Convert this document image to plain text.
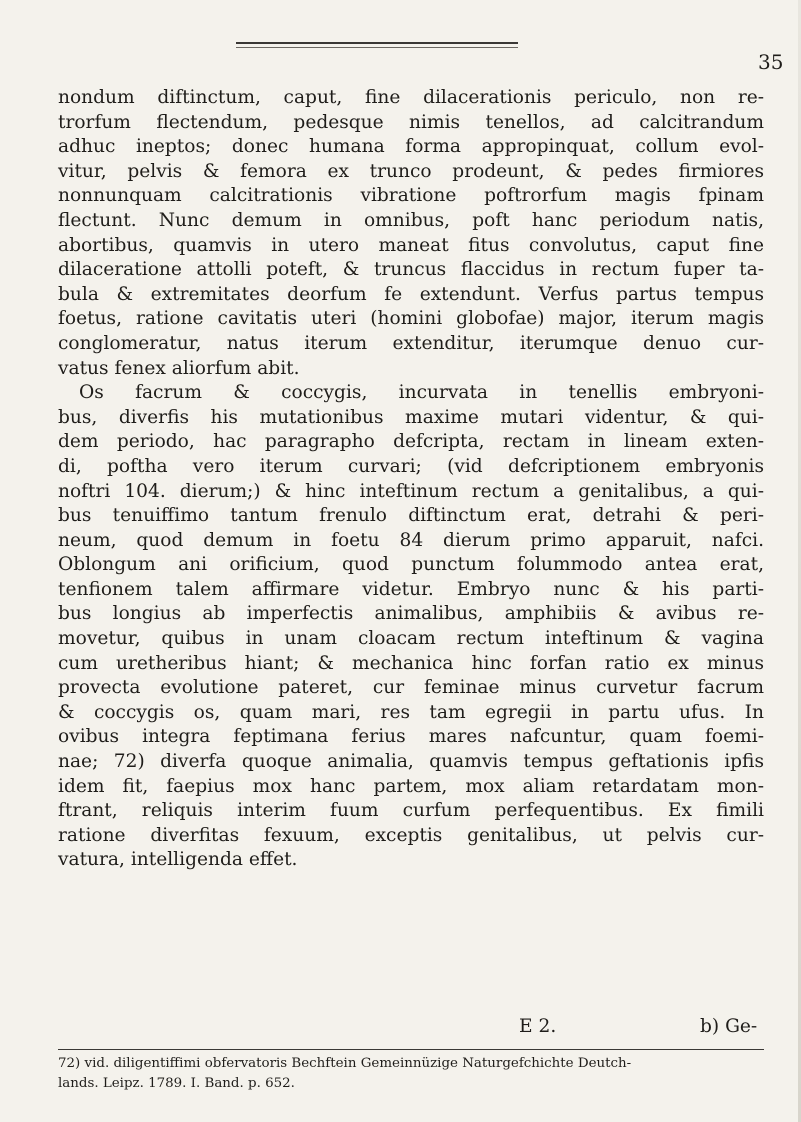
35
nondum diftinctum, caput, fine dilacerationis periculo, non re-
trorfum flectendum, pedesque nimis tenellos, ad calcitrandum
adhuc ineptos; donec humana forma appropinquat, collum evol-
vitur, pelvis & femora ex trunco prodeunt, & pedes firmiores
nonnunquam calcitrationis vibratione poftrorfum magis fpinam
flectunt. Nunc demum in omnibus, poft hanc periodum natis,
abortibus, quamvis in utero maneat fitus convolutus, caput fine
dilaceratione attolli poteft, & truncus flaccidus in rectum fuper ta-
bula & extremitates deorfum fe extendunt. Verfus partus tempus
foetus, ratione cavitatis uteri (homini globofae) major, iterum magis
conglomeratur, natus iterum extenditur, iterumque denuo cur-
vatus fenex aliorfum abit.
Os facrum & coccygis, incurvata in tenellis embryoni-
bus, diverfis his mutationibus maxime mutari videntur, & qui-
dem periodo, hac paragrapho defcripta, rectam in lineam exten-
di, poftha vero iterum curvari; (vid defcriptionem embryonis
noftri 104. dierum;) & hinc inteftinum rectum a genitalibus, a qui-
bus tenuiffimo tantum frenulo diftinctum erat, detrahi & peri-
neum, quod demum in foetu 84 dierum primo apparuit, nafci.
Oblongum ani orificium, quod punctum folummodo antea erat,
tenfionem talem affirmare videtur. Embryo nunc & his parti-
bus longius ab imperfectis animalibus, amphibiis & avibus re-
movetur, quibus in unam cloacam rectum inteftinum & vagina
cum uretheribus hiant; & mechanica hinc forfan ratio ex minus
provecta evolutione pateret, cur feminae minus curvetur facrum
& coccygis os, quam mari, res tam egregii in partu ufus. In
ovibus integra feptimana ferius mares nafcuntur, quam foemi-
nae; 72) diverfa quoque animalia, quamvis tempus geftationis ipfis
idem fit, faepius mox hanc partem, mox aliam retardatam mon-
ftrant, reliquis interim fuum curfum perfequentibus. Ex fimili
ratione diverfitas fexuum, exceptis genitalibus, ut pelvis cur-
vatura, intelligenda effet.
E 2.	b) Ge-
72) vid. diligentiffimi obfervatoris Bechftein Gemeinnüzige Naturgefchichte Deutch-
lands. Leipz. 1789. I. Band. p. 652.
